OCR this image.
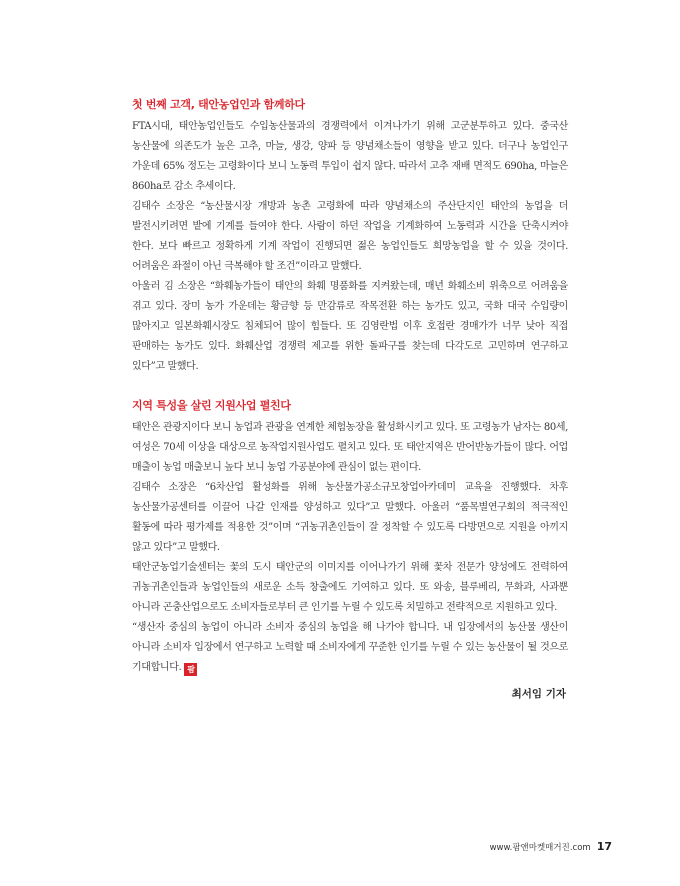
첫 번째 고객, 태안농업인과 함께하다

FTA시대, 태안농업인들도 수입농산물과의 경쟁력에서 이겨나가기 위해 고군분투하고 있다. 중국산 농산물에 의존도가 높은 고추, 마늘, 생강, 양파 등 양념채소들이 영향을 받고 있다. 더구나 농업인구 가운데 65% 정도는 고령화이다 보니 노동력 투입이 쉽지 않다. 따라서 고추 재배 면적도 690ha, 마늘은 860ha로 감소 추세이다.

김태수 소장은 “농산물시장 개방과 농촌 고령화에 따라 양념채소의 주산단지인 태안의 농업을 더 발전시키려면 밭에 기계를 들여야 한다. 사람이 하던 작업을 기계화하여 노동력과 시간을 단축시켜야 한다. 보다 빠르고 정확하게 기계 작업이 진행되면 젊은 농업인들도 희망농업을 할 수 있을 것이다. 어려움은 좌절이 아닌 극복해야 할 조건”이라고 말했다.

아울러 김 소장은 “화훼농가들이 태안의 화훼 명품화를 지켜왔는데, 매년 화훼소비 위축으로 어려움을 겪고 있다. 장미 농가 가운데는 황금향 등 만감류로 작목전환 하는 농가도 있고, 국화 대국 수입량이 많아지고 일본화훼시장도 침체되어 많이 힘들다. 또 김영란법 이후 호접란 경매가가 너무 낮아 직접 판매하는 농가도 있다. 화훼산업 경쟁력 제고를 위한 돌파구를 찾는데 다각도로 고민하며 연구하고 있다”고 말했다.

지역 특성을 살린 지원사업 펼친다

태안은 관광지이다 보니 농업과 관광을 연계한 체험농장을 활성화시키고 있다. 또 고령농가 남자는 80세, 여성은 70세 이상을 대상으로 농작업지원사업도 펼치고 있다. 또 태안지역은 반어반농가들이 많다. 어업 매출이 농업 매출보니 높다 보니 농업 가공분야에 관심이 없는 편이다.

김태수 소장은 “6차산업 활성화를 위해 농산물가공소규모창업아카데미 교육을 진행했다. 차후 농산물가공센터를 이끌어 나갈 인재를 양성하고 있다”고 말했다. 아울러 “품목별연구회의 적극적인 활동에 따라 평가제를 적용한 것”이며 “귀농귀촌인들이 잘 정착할 수 있도록 다방면으로 지원을 아끼지 않고 있다”고 말했다.

태안군농업기술센터는 꽃의 도시 태안군의 이미지를 이어나가기 위해 꽃차 전문가 양성에도 전력하여 귀농귀촌인들과 농업인들의 새로운 소득 창출에도 기여하고 있다. 또 와송, 블루베리, 무화과, 사과뿐 아니라 곤충산업으로도 소비자들로부터 큰 인기를 누릴 수 있도록 치밀하고 전략적으로 지원하고 있다.

“생산자 중심의 농업이 아니라 소비자 중심의 농업을 해 나가야 합니다. 내 입장에서의 농산물 생산이 아니라 소비자 입장에서 연구하고 노력할 때 소비자에게 꾸준한 인기를 누릴 수 있는 농산물이 될 것으로 기대합니다. 팜

최서임 기자
www.팜앤마켓매거진.com 17
